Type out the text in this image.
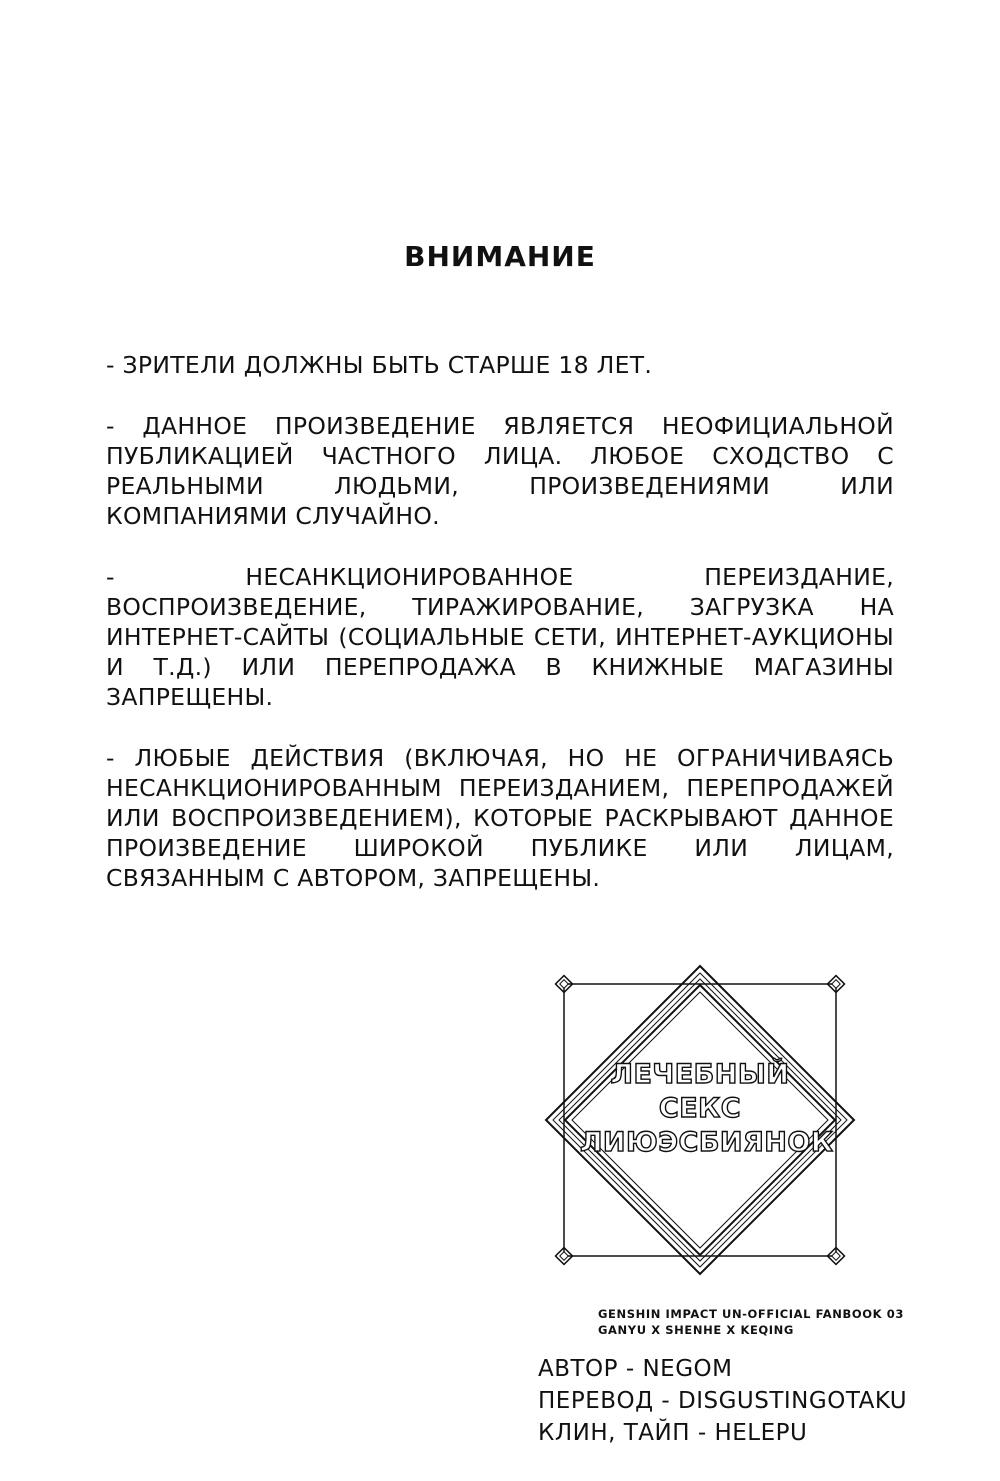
ВНИМАНИЕ

- ЗРИТЕЛИ ДОЛЖНЫ БЫТЬ СТАРШЕ 18 ЛЕТ.

- ДАННОЕ ПРОИЗВЕДЕНИЕ ЯВЛЯЕТСЯ НЕОФИЦИАЛЬНОЙ ПУБЛИКАЦИЕЙ ЧАСТНОГО ЛИЦА. ЛЮБОЕ СХОДСТВО С РЕАЛЬНЫМИ ЛЮДЬМИ, ПРОИЗВЕДЕНИЯМИ ИЛИ КОМПАНИЯМИ СЛУЧАЙНО.

- НЕСАНКЦИОНИРОВАННОЕ ПЕРЕИЗДАНИЕ, ВОСПРОИЗВЕДЕНИЕ, ТИРАЖИРОВАНИЕ, ЗАГРУЗКА НА ИНТЕРНЕТ-САЙТЫ (СОЦИАЛЬНЫЕ СЕТИ, ИНТЕРНЕТ-АУКЦИОНЫ И Т.Д.) ИЛИ ПЕРЕПРОДАЖА В КНИЖНЫЕ МАГАЗИНЫ ЗАПРЕЩЕНЫ.

- ЛЮБЫЕ ДЕЙСТВИЯ (ВКЛЮЧАЯ, НО НЕ ОГРАНИЧИВАЯСЬ НЕСАНКЦИОНИРОВАННЫМ ПЕРЕИЗДАНИЕМ, ПЕРЕПРОДАЖЕЙ ИЛИ ВОСПРОИЗВЕДЕНИЕМ), КОТОРЫЕ РАСКРЫВАЮТ ДАННОЕ ПРОИЗВЕДЕНИЕ ШИРОКОЙ ПУБЛИКЕ ИЛИ ЛИЦАМ, СВЯЗАННЫМ С АВТОРОМ, ЗАПРЕЩЕНЫ.

ЛЕЧЕБНЫЙ
СЕКС
ЛИЮЭСБИЯНОК
GENSHIN IMPACT UN-OFFICIAL FANBOOK 03
GANYU X SHENHE X KEQING
АВТОР - NEGOM
ПЕРЕВОД - DISGUSTINGOTAKU
КЛИН, ТАЙП - HELEPU
